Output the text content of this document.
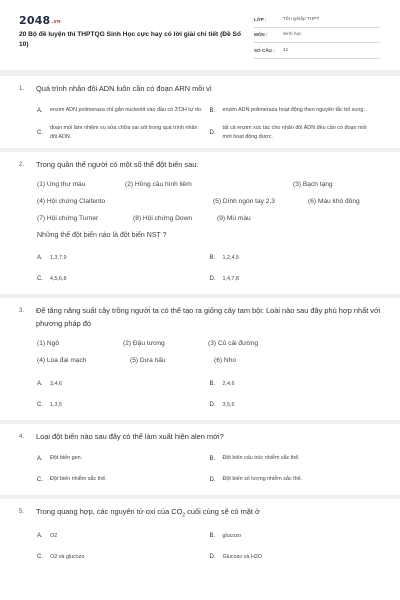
$2048^{.vn}$
20 Bộ đề luyện thi THPTQG Sinh Học cực hay có lời giải chi tiết (Đề Số 10)
LỚP :	Tốt nghiệp THPT
MÔN :	Sinh học
SỐ CÂU :	41
1.	Quá trình nhân đôi ADN luôn cần có đoạn ARN mồi vì
A.	enzim ADN polimeraza chỉ gắn nucleotit vào đầu có 3'OH tự do. B.	enzim ADN polimeraza hoạt động theo nguyên tắc bổ sung.
C.
đoạn mồi làm nhiệm vụ sửa chữa sai sót trong quá trình nhân đôi ADN.
D.
tất cả enzim xúc tác cho nhân đôi ADN đều cần có đoạn mồi mới hoạt động được.
2.	Trong quần thể người có một số thể đột biến sau:
(1) Ung thư máu	(2) Hồng cầu hình liềm	(3) Bạch tạng
(4) Hội chứng Claifento	(5) Dính ngón tay 2,3	(6) Máu khó đông
(7) Hội chứng Turner	(8) Hội chứng Down	(9) Mù màu
Những thể đột biến nào là đột biến NST ?
A.	1,3,7,9	B.	1,2,4,5
C.	4,5,6,8	D.	1,4,7,8
3.	Để tăng năng suất cây trồng người ta có thể tạo ra giống cây tam bội: Loài nào sau đây phù hợp nhất với phương pháp đó
(1) Ngô	(2) Đậu tương	(3) Củ cải đường
(4) Lúa đại mạch	(5) Dưa hấu	(6) Nho
A.	3,4,6	B.	2,4,6
C.	1,3,5	D.	3,5,6
4.	Loại đột biến nào sau đây có thể làm xuất hiện alen mới?
A.	Đột biến gen.	B.	Đột biến cấu trúc nhiễm sắc thể.
C.	Đột biến nhiễm sắc thể.	D.	Đột biến số lượng nhiễm sắc thể.
5.	Trong quang hợp, các nguyên tử oxi của $CO_2$ cuối cùng sẽ có mặt ở
A.	O2	B.	glucozo
C.	O2 và glucozo	D.	Glucozo và H2O
